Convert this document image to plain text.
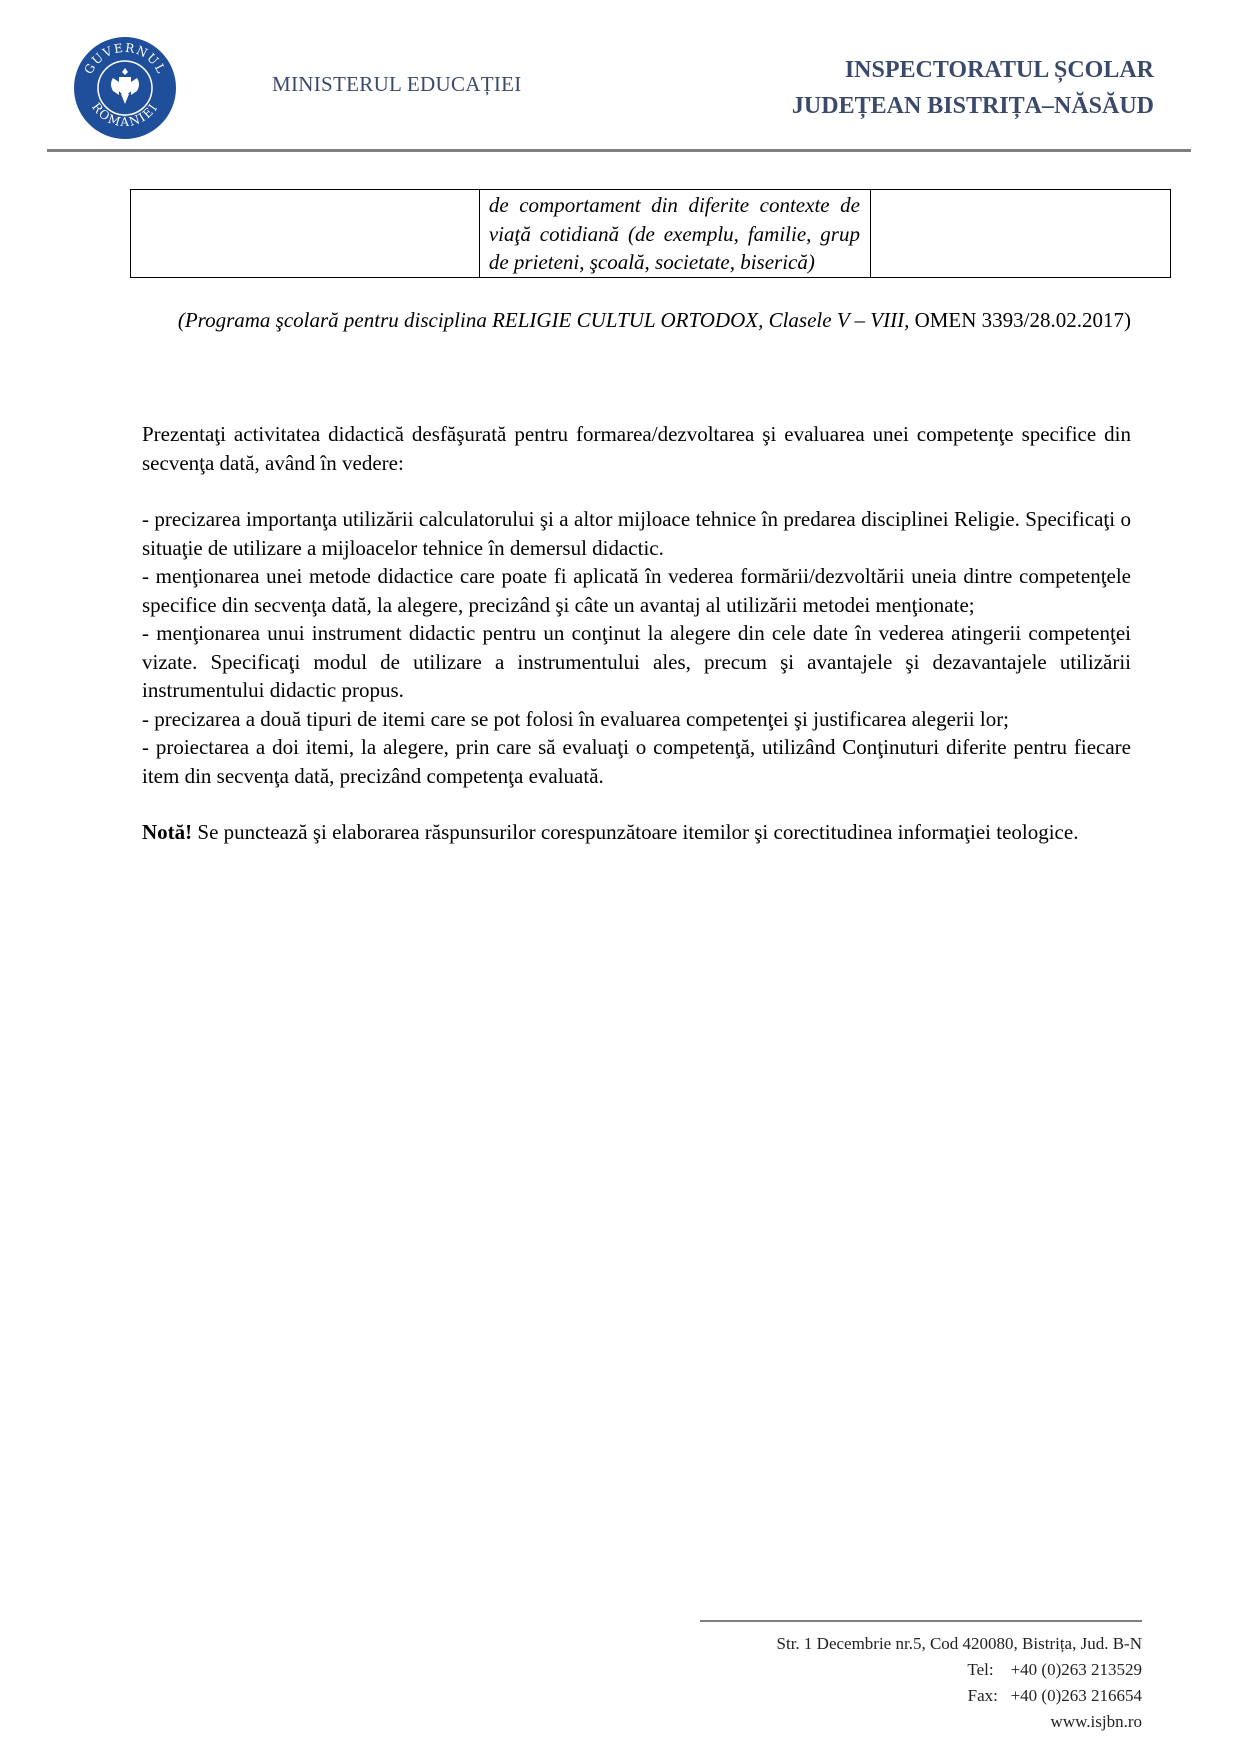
GUVERNUL
ROMÂNIEI
MINISTERUL EDUCAȚIEI
INSPECTORATUL ȘCOLAR
JUDEȚEAN BISTRIȚA–NĂSĂUD

de comportament din diferite contexte de viaţă cotidiană (de exemplu, familie, grup de prieteni, şcoală, societate, biserică)

(Programa şcolară pentru disciplina RELIGIE CULTUL ORTODOX, Clasele V – VIII, OMEN 3393/28.02.2017)

Prezentaţi activitatea didactică desfăşurată pentru formarea/dezvoltarea şi evaluarea unei competenţe specifice din secvenţa dată, având în vedere:

- precizarea importanţa utilizării calculatorului şi a altor mijloace tehnice în predarea disciplinei Religie. Specificaţi o situaţie de utilizare a mijloacelor tehnice în demersul didactic.

- menţionarea unei metode didactice care poate fi aplicată în vederea formării/dezvoltării uneia dintre competenţele specifice din secvenţa dată, la alegere, precizând şi câte un avantaj al utilizării metodei menţionate;

- menţionarea unui instrument didactic pentru un conţinut la alegere din cele date în vederea atingerii competenţei vizate. Specificaţi modul de utilizare a instrumentului ales, precum şi avantajele şi dezavantajele utilizării instrumentului didactic propus.

- precizarea a două tipuri de itemi care se pot folosi în evaluarea competenţei şi justificarea alegerii lor;

- proiectarea a doi itemi, la alegere, prin care să evaluaţi o competenţă, utilizând Conţinuturi diferite pentru fiecare item din secvenţa dată, precizând competenţa evaluată.

Notă! Se punctează şi elaborarea răspunsurilor corespunzătoare itemilor şi corectitudinea informaţiei teologice.

Str. 1 Decembrie nr.5, Cod 420080, Bistrița, Jud. B-N
Tel:    +40 (0)263 213529
Fax:   +40 (0)263 216654
www.isjbn.ro
